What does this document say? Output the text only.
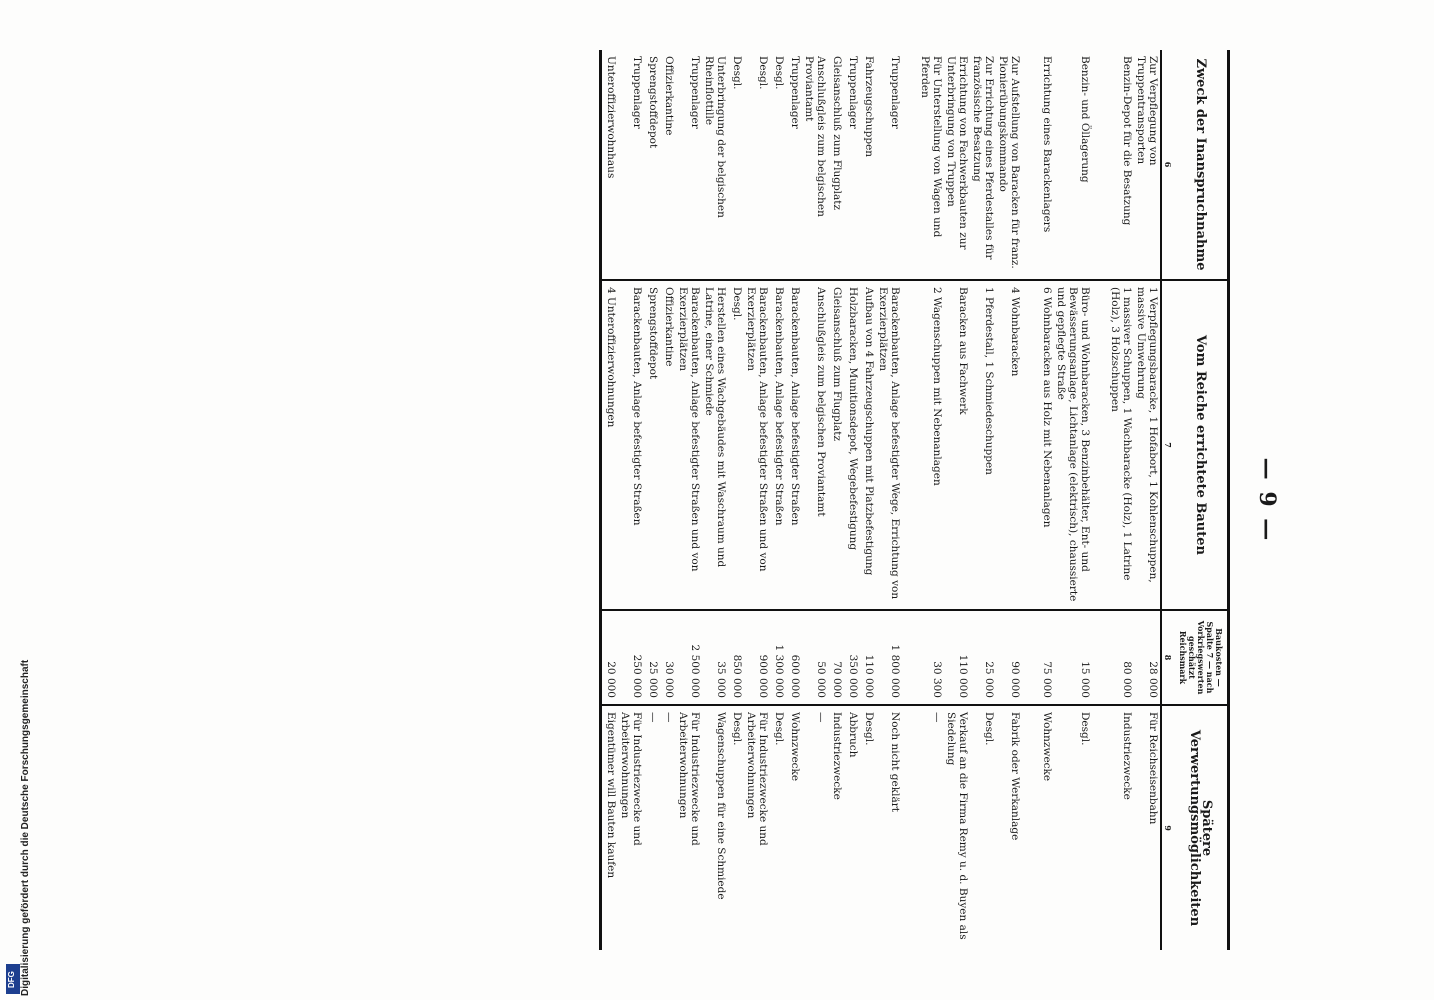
— 9 —
Zweck der Inanspruchnahme	Vom Reiche errichtete Bauten	Baukosten — Spalte 7 — nach Vorkriegswerten geschätzt Reichsmark	Spätere Verwertungsmöglichkeiten
6	7	8	9
Zur Verpflegung von Truppentransporten	1 Verpflegungsbaracke, 1 Hofabort, 1 Kohlenschuppen, massive Umwehrung	28 000	Für Reichseisenbahn
Benzin-Depot für die Besatzung	1 massiver Schuppen, 1 Wachbaracke (Holz), 1 Latrine (Holz), 3 Holzschuppen	80 000	Industriezwecke

Benzin- und Öllagerung	Büro- und Wohnbaracken, 3 Benzinbehälter, Ent- und Bewässerungsanlage, Lichtanlage (elektrisch), chaussierte und gepflegte Straße	15 000	Desgl.
Errichtung eines Barackenlagers	6 Wohnbaracken aus Holz mit Nebenanlagen	75 000	Wohnzwecke

Zur Aufstellung von Baracken für franz. Pionierübungskommando	4 Wohnbaracken	90 000	Fabrik oder Werkanlage
Zur Errichtung eines Pferdestalles für französische Besatzung	1 Pferdestall, 1 Schmiedeschuppen	25 000	Desgl.
Errichtung von Fachwerkbauten zur Unterbringung von Truppen	Baracken aus Fachwerk	110 000	Verkauf an die Firma Remy u. d. Buyen als Siedelung
Für Unterstellung von Wagen und Pferden	2 Wagenschuppen mit Nebenanlagen	30 300	—

Truppenlager	Barackenbauten, Anlage befestigter Wege, Errichtung von Exerzierplätzen	1 800 000	Noch nicht geklärt
Fahrzeugschuppen	Aufbau von 4 Fahrzeugschuppen mit Platzbefestigung	110 000	Desgl.
Truppenlager	Holzbaracken, Munitionsdepot, Wegebefestigung	350 000	Abbruch
Gleisanschluß zum Flugplatz	Gleisanschluß zum Flugplatz	70 000	Industriezwecke
Anschlußgleis zum belgischen Proviantamt	Anschlußgleis zum belgischen Proviantamt	50 000	—
Truppenlager	Barackenbauten, Anlage befestigter Straßen	600 000	Wohnzwecke
Desgl.	Barackenbauten, Anlage befestigter Straßen	1 300 000	Desgl.
Desgl.	Barackenbauten, Anlage befestigter Straßen und von Exerzierplätzen	900 000	Für Industriezwecke und Arbeiterwohnungen
Desgl.	Desgl.	850 000	Desgl.
Unterbringung der belgischen Rheinflottille	Herstellen eines Wachgebäudes mit Waschraum und Latrine, einer Schmiede	35 000	Wagenschuppen für eine Schmiede
Truppenlager	Barackenbauten, Anlage befestigter Straßen und von Exerzierplätzen	2 500 000	Für Industriezwecke und Arbeiterwohnungen
Offizierkantine	Offizierkantine	30 000	—
Sprengstoffdepot	Sprengstoffdepot	25 000	—
Truppenlager	Barackenbauten, Anlage befestigter Straßen	250 000	Für Industriezwecke und Arbeiterwohnungen
Unteroffizierwohnhaus	4 Unteroffizierwohnungen	20 000	Eigentümer will Bauten kaufen
Digitalisierung gefördert durch die Deutsche Forschungsgemeinschaft
DFG
